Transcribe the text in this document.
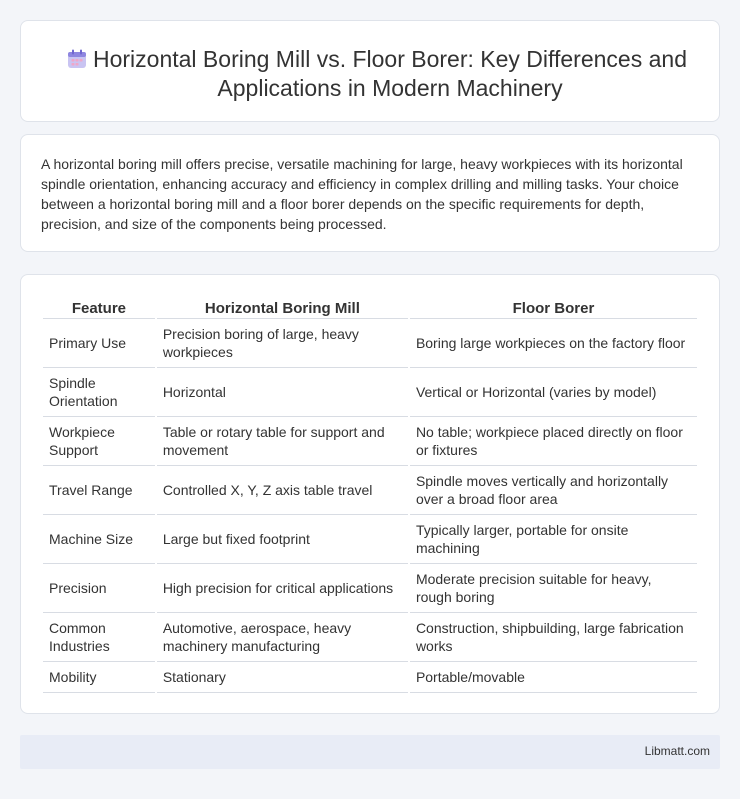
Horizontal Boring Mill vs. Floor Borer: Key Differences and Applications in Modern Machinery

A horizontal boring mill offers precise, versatile machining for large, heavy workpieces with its horizontal spindle orientation, enhancing accuracy and efficiency in complex drilling and milling tasks. Your choice between a horizontal boring mill and a floor borer depends on the specific requirements for depth, precision, and size of the components being processed.

Feature	Horizontal Boring Mill	Floor Borer
Primary Use	Precision boring of large, heavy workpieces	Boring large workpieces on the factory floor
Spindle Orientation	Horizontal	Vertical or Horizontal (varies by model)
Workpiece Support	Table or rotary table for support and movement	No table; workpiece placed directly on floor or fixtures
Travel Range	Controlled X, Y, Z axis table travel	Spindle moves vertically and horizontally over a broad floor area
Machine Size	Large but fixed footprint	Typically larger, portable for onsite machining
Precision	High precision for critical applications	Moderate precision suitable for heavy, rough boring
Common Industries	Automotive, aerospace, heavy machinery manufacturing	Construction, shipbuilding, large fabrication works
Mobility	Stationary	Portable/movable
Libmatt.com
